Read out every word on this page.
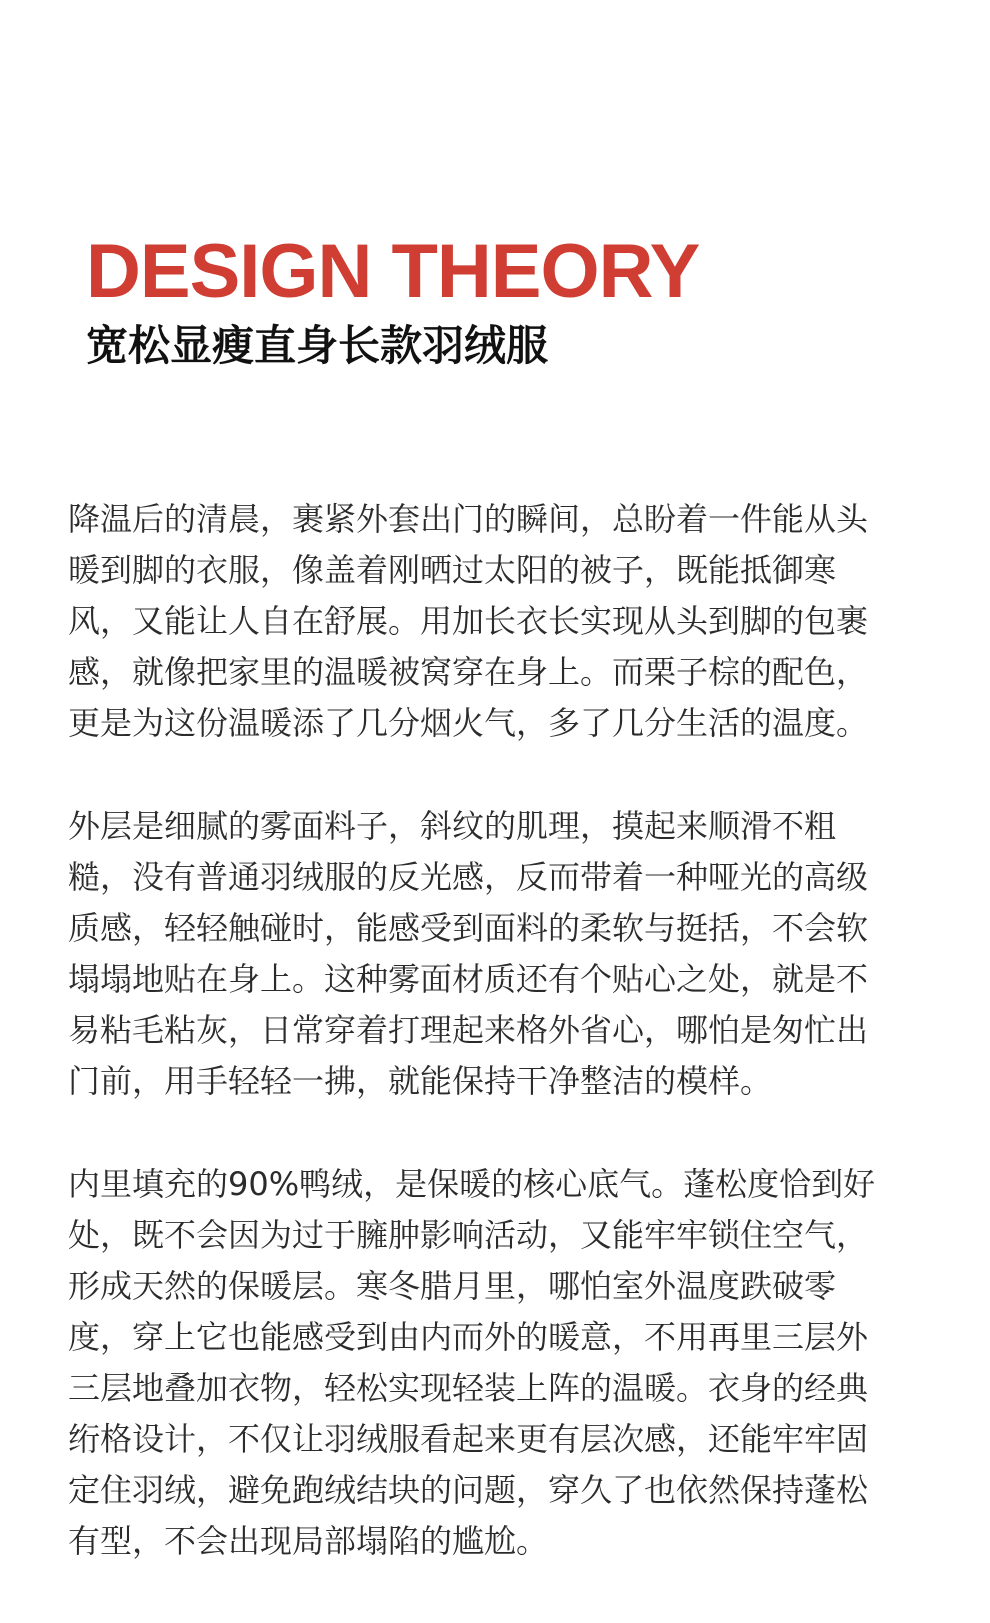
DESIGN THEORY
宽松显瘦直身长款羽绒服

降温后的清晨，裹紧外套出门的瞬间，总盼着一件能从头
暖到脚的衣服，像盖着刚晒过太阳的被子，既能抵御寒
风，又能让人自在舒展。用加长衣长实现从头到脚的包裹
感，就像把家里的温暖被窝穿在身上。而栗子棕的配色，
更是为这份温暖添了几分烟火气，多了几分生活的温度。

外层是细腻的雾面料子，斜纹的肌理，摸起来顺滑不粗
糙，没有普通羽绒服的反光感，反而带着一种哑光的高级
质感，轻轻触碰时，能感受到面料的柔软与挺括，不会软
塌塌地贴在身上。这种雾面材质还有个贴心之处，就是不
易粘毛粘灰，日常穿着打理起来格外省心，哪怕是匆忙出
门前，用手轻轻一拂，就能保持干净整洁的模样。

内里填充的90%鸭绒，是保暖的核心底气。蓬松度恰到好
处，既不会因为过于臃肿影响活动，又能牢牢锁住空气，
形成天然的保暖层。寒冬腊月里，哪怕室外温度跌破零
度，穿上它也能感受到由内而外的暖意，不用再里三层外
三层地叠加衣物，轻松实现轻装上阵的温暖。衣身的经典
绗格设计，不仅让羽绒服看起来更有层次感，还能牢牢固
定住羽绒，避免跑绒结块的问题，穿久了也依然保持蓬松
有型，不会出现局部塌陷的尴尬。
